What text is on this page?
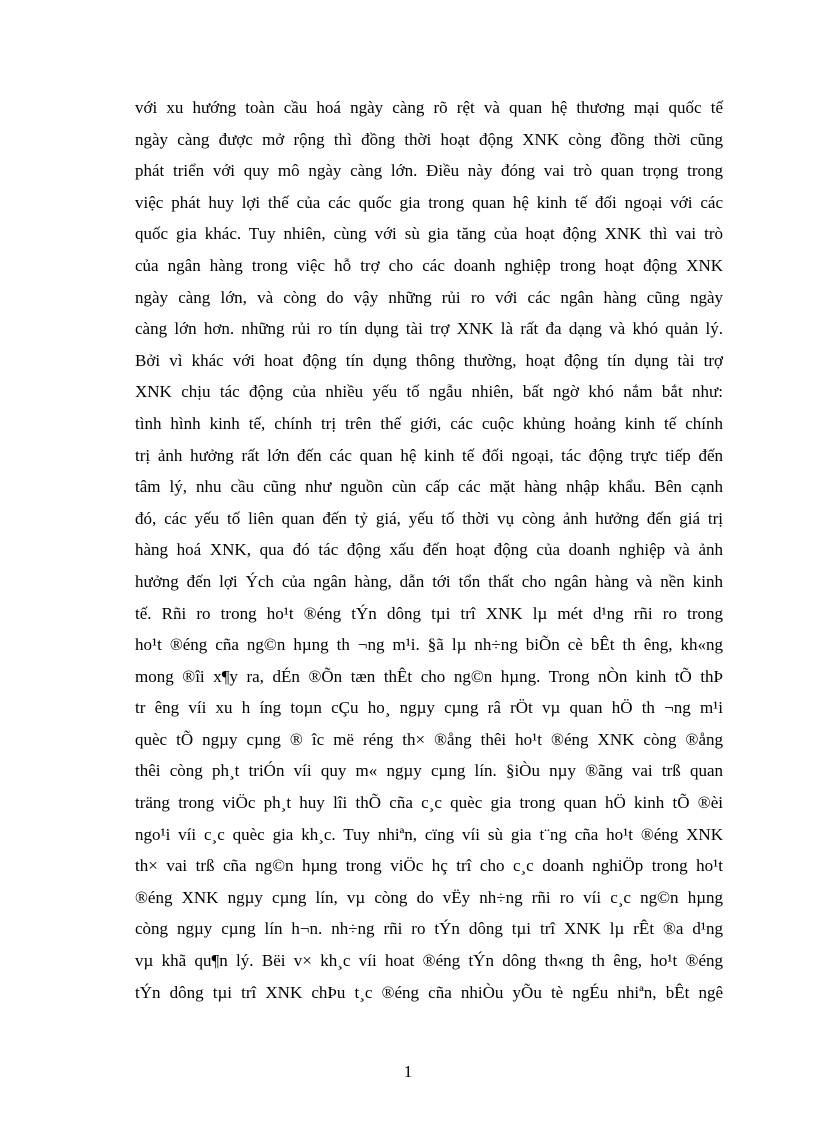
với xu hướng toàn cầu hoá ngày càng rõ rệt và quan hệ thương mại quốc tế
ngày càng được mở rộng thì đồng thời hoạt động XNK còng đồng thời cũng
phát triển với quy mô ngày càng lớn. Điều này đóng vai trò quan trọng trong
việc phát huy lợi thế của các quốc gia trong quan hệ kinh tế đối ngoại với các
quốc gia khác. Tuy nhiên, cùng với sù gia tăng của hoạt động XNK thì vai trò
của ngân hàng trong việc hỗ trợ cho các doanh nghiệp trong hoạt động XNK
ngày càng lớn, và còng do vậy những rủi ro với các ngân hàng cũng ngày
càng lớn hơn. những rủi ro tín dụng tài trợ XNK là rất đa dạng và khó quản lý.
Bởi vì khác với hoat động tín dụng thông thường, hoạt động tín dụng tài trợ
XNK chịu tác động của nhiều yếu tố ngẫu nhiên, bất ngờ khó nắm bắt như:
tình hình kinh tế, chính trị trên thế giới, các cuộc khủng hoảng kinh tế chính
trị ảnh hưởng rất lớn đến các quan hệ kinh tế đối ngoại, tác động trực tiếp đến
tâm lý, nhu cầu cũng như nguồn cùn cấp các mặt hàng nhập khẩu. Bên cạnh
đó, các yếu tố liên quan đến tỷ giá, yếu tố thời vụ còng ảnh hưởng đến giá trị
hàng hoá XNK, qua đó tác động xấu đến hoạt động của doanh nghiệp và ảnh
hưởng đến lợi Ých của ngân hàng, dẫn tới tổn thất cho ngân hàng và nền kinh
tế. Rñi ro trong ho¹t ®éng tÝn dông tµi trî XNK lµ mét d¹ng rñi ro trong
ho¹t ®éng cña ng©n hµng th ¬ng m¹i. §ã lµ nh÷ng biÕn cè bÊt th êng, kh«ng
mong ®îi x¶y ra, dÉn ®Õn tæn thÊt cho ng©n hµng. Trong nÒn kinh tÕ thÞ
tr êng víi xu h íng toµn cÇu ho¸ ngµy cµng râ rÖt vµ quan hÖ th ¬ng m¹i
quèc tÕ ngµy cµng ® îc më réng th× ®ång thêi ho¹t ®éng XNK còng ®ång
thêi còng ph¸t triÓn víi quy m« ngµy cµng lín. §iÒu nµy ®ãng vai trß quan
träng trong viÖc ph¸t huy lîi thÕ cña c¸c quèc gia trong quan hÖ kinh tÕ ®èi
ngo¹i víi c¸c quèc gia kh¸c. Tuy nhiªn, cïng víi sù gia t¨ng cña ho¹t ®éng XNK
th× vai trß cña ng©n hµng trong viÖc hç trî cho c¸c doanh nghiÖp trong ho¹t
®éng XNK ngµy cµng lín, vµ còng do vËy nh÷ng rñi ro víi c¸c ng©n hµng
còng ngµy cµng lín h¬n. nh÷ng rñi ro tÝn dông tµi trî XNK lµ rÊt ®a d¹ng
vµ khã qu¶n lý. Bëi v× kh¸c víi hoat ®éng tÝn dông th«ng th êng, ho¹t ®éng
tÝn dông tµi trî XNK chÞu t¸c ®éng cña nhiÒu yÕu tè ngÉu nhiªn, bÊt ngê
1
